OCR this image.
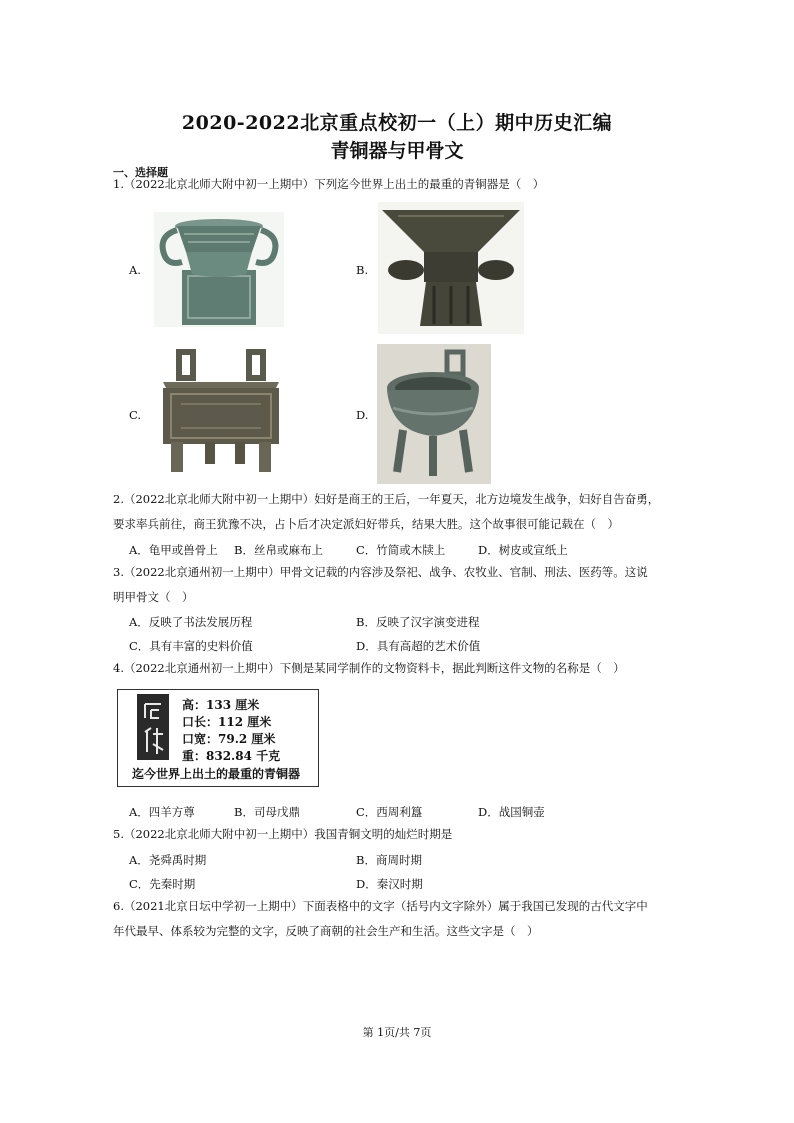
2020-2022北京重点校初一（上）期中历史汇编
青铜器与甲骨文
一、选择题
1.（2022北京北师大附中初一上期中）下列迄今世界上出土的最重的青铜器是（　）
A.	B.
C.	D.
2.（2022北京北师大附中初一上期中）妇好是商王的王后，一年夏天，北方边境发生战争，妇好自告奋勇，
要求率兵前往，商王犹豫不决，占卜后才决定派妇好带兵，结果大胜。这个故事很可能记载在（　）
A．龟甲或兽骨上 B．丝帛或麻布上	C．竹简或木牍上	D．树皮或宣纸上
3.（2022北京通州初一上期中）甲骨文记载的内容涉及祭祀、战争、农牧业、官制、刑法、医药等。这说
明甲骨文（　）
A．反映了书法发展历程	B．反映了汉字演变进程
C．具有丰富的史料价值	D．具有高超的艺术价值
4.（2022北京通州初一上期中）下侧是某同学制作的文物资料卡，据此判断这件文物的名称是（　）
高：133 厘米
口长：112 厘米
口宽：79.2 厘米
重：832.84 千克
迄今世界上出土的最重的青铜器
A．四羊方尊	B．司母戊鼎	C．西周利簋	D．战国铜壶
5.（2022北京北师大附中初一上期中）我国青铜文明的灿烂时期是
A．尧舜禹时期	B．商周时期
C．先秦时期	D．秦汉时期
6.（2021北京日坛中学初一上期中）下面表格中的文字（括号内文字除外）属于我国已发现的古代文字中
年代最早、体系较为完整的文字，反映了商朝的社会生产和生活。这些文字是（　）
第 1页/共 7页
